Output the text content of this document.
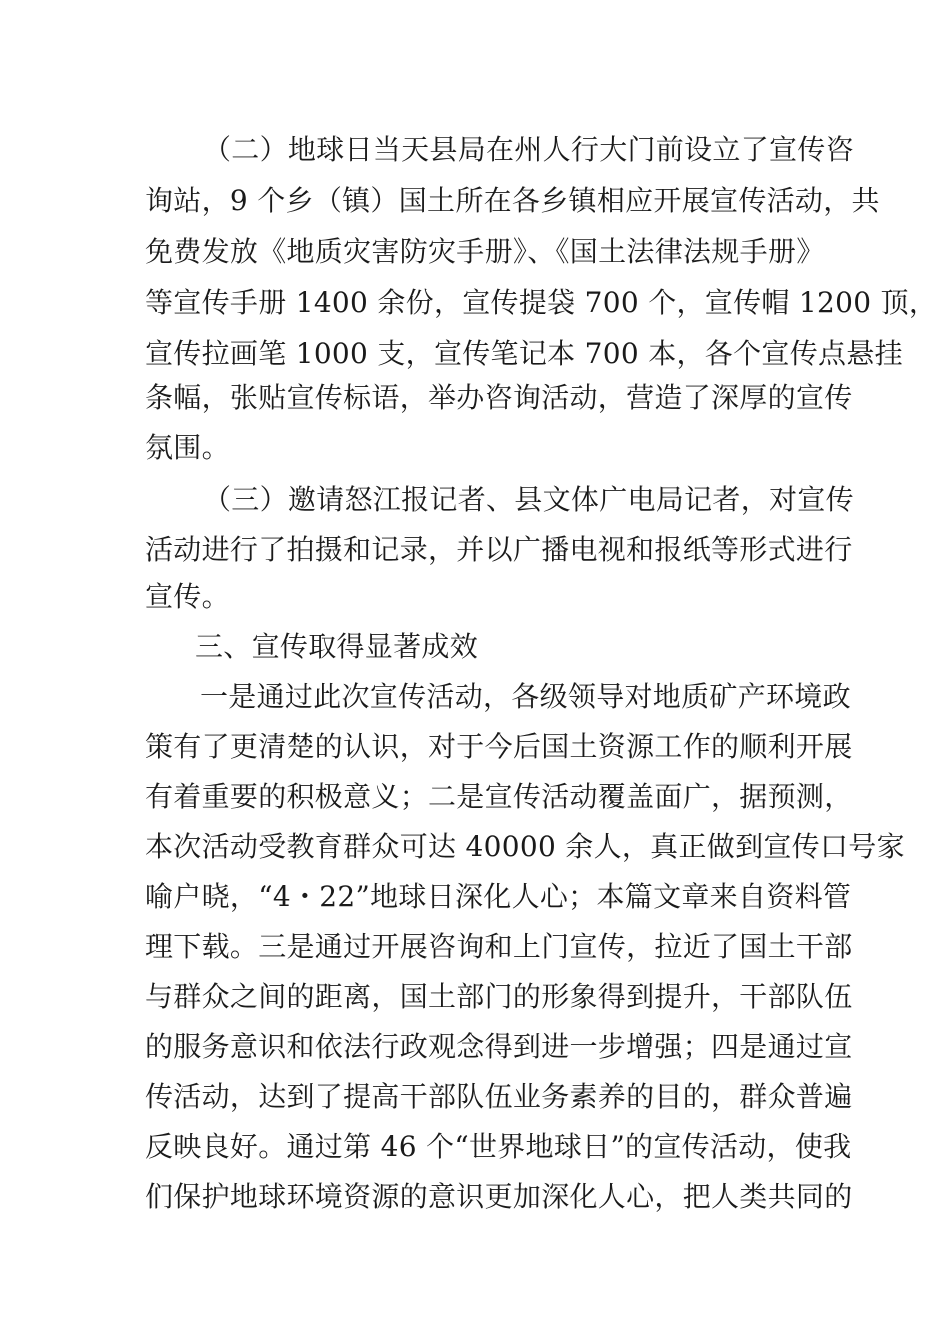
（二）地球日当天县局在州人行大门前设立了宣传咨
询站，9 个乡（镇）国土所在各乡镇相应开展宣传活动，共
免费发放《地质灾害防灾手册》、《国土法律法规手册》
等宣传手册 1400 余份，宣传提袋 700 个，宣传帽 1200 顶，
宣传拉画笔 1000 支，宣传笔记本 700 本，各个宣传点悬挂
条幅，张贴宣传标语，举办咨询活动，营造了深厚的宣传
氛围。
（三）邀请怒江报记者、县文体广电局记者，对宣传
活动进行了拍摄和记录，并以广播电视和报纸等形式进行
宣传。
三、宣传取得显著成效
一是通过此次宣传活动，各级领导对地质矿产环境政
策有了更清楚的认识，对于今后国土资源工作的顺利开展
有着重要的积极意义；二是宣传活动覆盖面广，据预测，
本次活动受教育群众可达 40000 余人，真正做到宣传口号家
喻户晓，“4・22”地球日深化人心；本篇文章来自资料管
理下载。三是通过开展咨询和上门宣传，拉近了国土干部
与群众之间的距离，国土部门的形象得到提升，干部队伍
的服务意识和依法行政观念得到进一步增强；四是通过宣
传活动，达到了提高干部队伍业务素养的目的，群众普遍
反映良好。通过第 46 个“世界地球日”的宣传活动，使我
们保护地球环境资源的意识更加深化人心，把人类共同的
